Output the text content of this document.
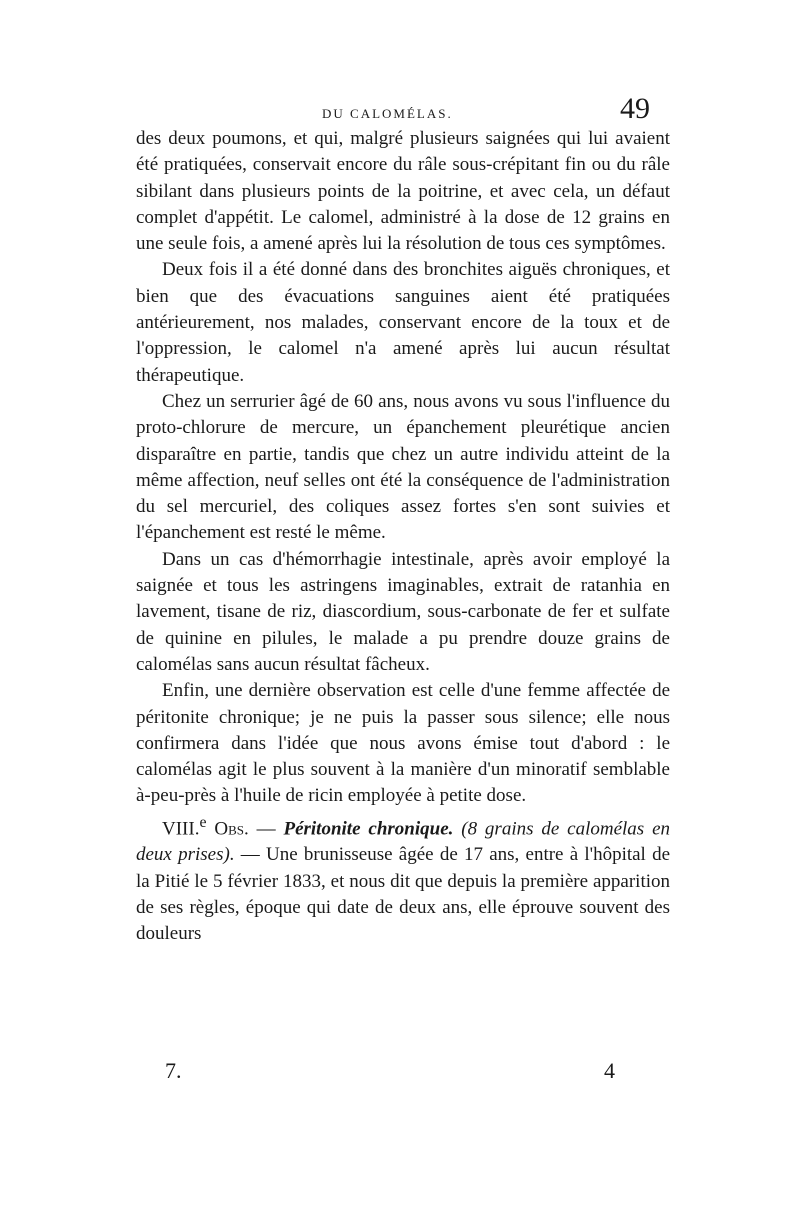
DU CALOMÉLAS.	49

des deux poumons, et qui, malgré plusieurs saignées qui lui avaient été pratiquées, conservait encore du râle sous-crépitant fin ou du râle sibilant dans plusieurs points de la poitrine, et avec cela, un défaut complet d'appétit. Le calomel, administré à la dose de 12 grains en une seule fois, a amené après lui la résolution de tous ces symptômes.

Deux fois il a été donné dans des bronchites aiguës chroniques, et bien que des évacuations sanguines aient été pratiquées antérieurement, nos malades, conservant encore de la toux et de l'oppression, le calomel n'a amené après lui aucun résultat thérapeutique.

Chez un serrurier âgé de 60 ans, nous avons vu sous l'influence du proto-chlorure de mercure, un épanchement pleurétique ancien disparaître en partie, tandis que chez un autre individu atteint de la même affection, neuf selles ont été la conséquence de l'administration du sel mercuriel, des coliques assez fortes s'en sont suivies et l'épanchement est resté le même.

Dans un cas d'hémorrhagie intestinale, après avoir employé la saignée et tous les astringens imaginables, extrait de ratanhia en lavement, tisane de riz, diascordium, sous-carbonate de fer et sulfate de quinine en pilules, le malade a pu prendre douze grains de calomélas sans aucun résultat fâcheux.

Enfin, une dernière observation est celle d'une femme affectée de péritonite chronique; je ne puis la passer sous silence; elle nous confirmera dans l'idée que nous avons émise tout d'abord : le calomélas agit le plus souvent à la manière d'un minoratif semblable à-peu-près à l'huile de ricin employée à petite dose.

VIII.$^e$ Obs. — Péritonite chronique. (8 grains de calomélas en deux prises). — Une brunisseuse âgée de 17 ans, entre à l'hôpital de la Pitié le 5 février 1833, et nous dit que depuis la première apparition de ses règles, époque qui date de deux ans, elle éprouve souvent des douleurs

7.	4
